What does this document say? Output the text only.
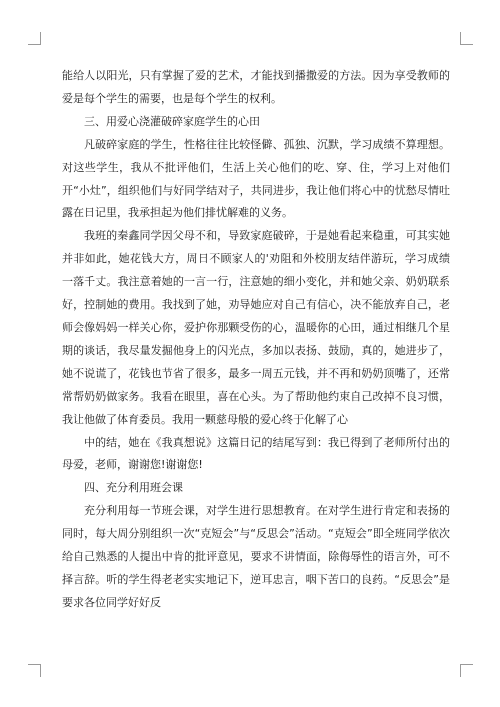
能给人以阳光，只有掌握了爱的艺术，才能找到播撒爱的方法。因为享受教师的爱是每个学生的需要，也是每个学生的权利。

三、用爱心浇灌破碎家庭学生的心田

凡破碎家庭的学生，性格往往比较怪僻、孤独、沉默，学习成绩不算理想。对这些学生，我从不批评他们，生活上关心他们的吃、穿、住，学习上对他们开“小灶”，组织他们与好同学结对子，共同进步，我让他们将心中的忧愁尽情吐露在日记里，我承担起为他们排忧解难的义务。

我班的秦鑫同学因父母不和，导致家庭破碎，于是她看起来稳重，可其实她并非如此，她花钱大方，周日不顾家人的'劝阻和外校朋友结伴游玩，学习成绩一落千丈。我注意着她的一言一行，注意她的细小变化，并和她父亲、奶奶联系好，控制她的费用。我找到了她，劝导她应对自己有信心，决不能放弃自己，老师会像妈妈一样关心你，爱护你那颗受伤的心，温暖你的心田，通过相继几个星期的谈话，我尽量发掘他身上的闪光点，多加以表扬、鼓励，真的，她进步了，她不说谎了，花钱也节省了很多，最多一周五元钱，并不再和奶奶顶嘴了，还常常帮奶奶做家务。我看在眼里，喜在心头。为了帮助他约束自己改掉不良习惯，我让他做了体育委员。我用一颗慈母般的爱心终于化解了心

中的结，她在《我真想说》这篇日记的结尾写到：我已得到了老师所付出的母爱，老师，谢谢您!谢谢您!

四、充分利用班会课

充分利用每一节班会课，对学生进行思想教育。在对学生进行肯定和表扬的同时，每大周分别组织一次“克短会”与“反思会”活动。“克短会”即全班同学依次给自己熟悉的人提出中肯的批评意见，要求不讲情面，除侮辱性的语言外，可不择言辞。听的学生得老老实实地记下，逆耳忠言，咽下苦口的良药。“反思会”是要求各位同学好好反
